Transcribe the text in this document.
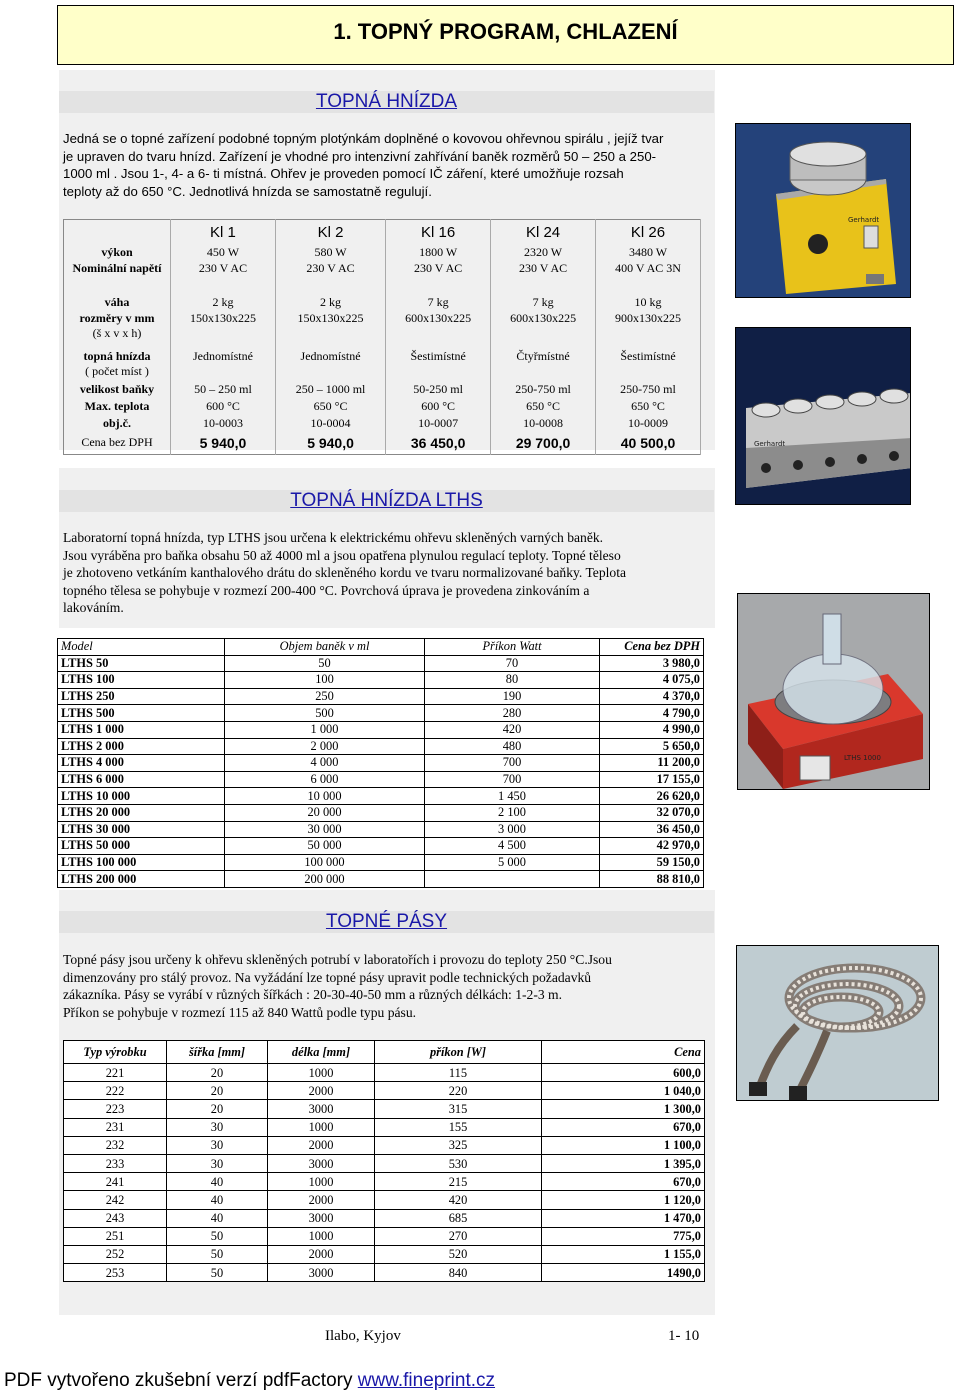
1. TOPNÝ PROGRAM, CHLAZENÍ
TOPNÁ HNÍZDA
Jedná se o topné zařízení podobné topným plotýnkám doplněné o kovovou ohřevnou spirálu , jejíž tvar
je upraven do tvaru hnízd. Zařízení je vhodné pro intenzivní zahřívání baněk rozměrů 50 – 250 a 250-
1000 ml . Jsou 1-, 4- a 6- ti místná. Ohřev je proveden pomocí IČ záření, které umožňuje rozsah
teploty až do 650 °C. Jednotlivá hnízda se samostatně regulují.
	Kl 1	Kl 2	Kl 16	Kl 24	Kl 26
výkon	450 W	580 W	1800 W	2320 W	3480 W
Nominální napětí	230 V AC	230 V AC	230 V AC	230 V AC	400 V AC 3N
váha	2 kg	2 kg	7 kg	7 kg	10 kg

rozměry v mm
(š x v x h)	150x130x225	150x130x225	600x130x225	600x130x225	900x130x225

topná hnízda
( počet míst )	Jednomístné	Jednomístné	Šestimístné	Čtyřmístné	Šestimístné
velikost baňky	50 – 250 ml	250 – 1000 ml	50-250 ml	250-750 ml	250-750 ml
Max. teplota	600 °C	650 °C	600 °C	650 °C	650 °C
obj.č.	10-0003	10-0004	10-0007	10-0008	10-0009
Cena bez DPH	5 940,0	5 940,0	36 450,0	29 700,0	40 500,0
Gerhardt
Gerhardt
TOPNÁ HNÍZDA LTHS
Laboratorní topná hnízda, typ LTHS jsou určena k elektrickému ohřevu skleněných varných baněk.
Jsou vyráběna pro baňka obsahu 50 až 4000 ml a jsou opatřena plynulou regulací teploty. Topné těleso
je zhotoveno vetkáním kanthalového drátu do skleněného kordu ve tvaru normalizované baňky. Teplota
topného tělesa se pohybuje v rozmezí 200-400 °C. Povrchová úprava je provedena zinkováním a
lakováním.
Model	Objem baněk v ml	Příkon Watt	Cena bez DPH
LTHS 50	50	70	3 980,0
LTHS 100	100	80	4 075,0
LTHS 250	250	190	4 370,0
LTHS 500	500	280	4 790,0
LTHS 1 000	1 000	420	4 990,0
LTHS 2 000	2 000	480	5 650,0
LTHS 4 000	4 000	700	11 200,0
LTHS 6 000	6 000	700	17 155,0
LTHS 10 000	10 000	1 450	26 620,0
LTHS 20 000	20 000	2 100	32 070,0
LTHS 30 000	30 000	3 000	36 450,0
LTHS 50 000	50 000	4 500	42 970,0
LTHS 100 000	100 000	5 000	59 150,0
LTHS 200 000	200 000		88 810,0
LTHS 1000
TOPNÉ PÁSY
Topné pásy jsou určeny k ohřevu skleněných potrubí v laboratořích i provozu do teploty 250 °C.Jsou
dimenzovány pro stálý provoz. Na vyžádání lze topné pásy upravit podle technických požadavků
zákazníka. Pásy se vyrábí v různých šířkách : 20-30-40-50 mm a různých délkách: 1-2-3 m.
Příkon se pohybuje v rozmezí 115 až 840 Wattů podle typu pásu.
Typ výrobku	šířka [mm]	délka [mm]	příkon [W]	Cena
221	20	1000	115	600,0
222	20	2000	220	1 040,0
223	20	3000	315	1 300,0
231	30	1000	155	670,0
232	30	2000	325	1 100,0
233	30	3000	530	1 395,0
241	40	1000	215	670,0
242	40	2000	420	1 120,0
243	40	3000	685	1 470,0
251	50	1000	270	775,0
252	50	2000	520	1 155,0
253	50	3000	840	1490,0
Ilabo, Kyjov	1- 10
PDF vytvořeno zkušební verzí pdfFactory www.fineprint.cz
